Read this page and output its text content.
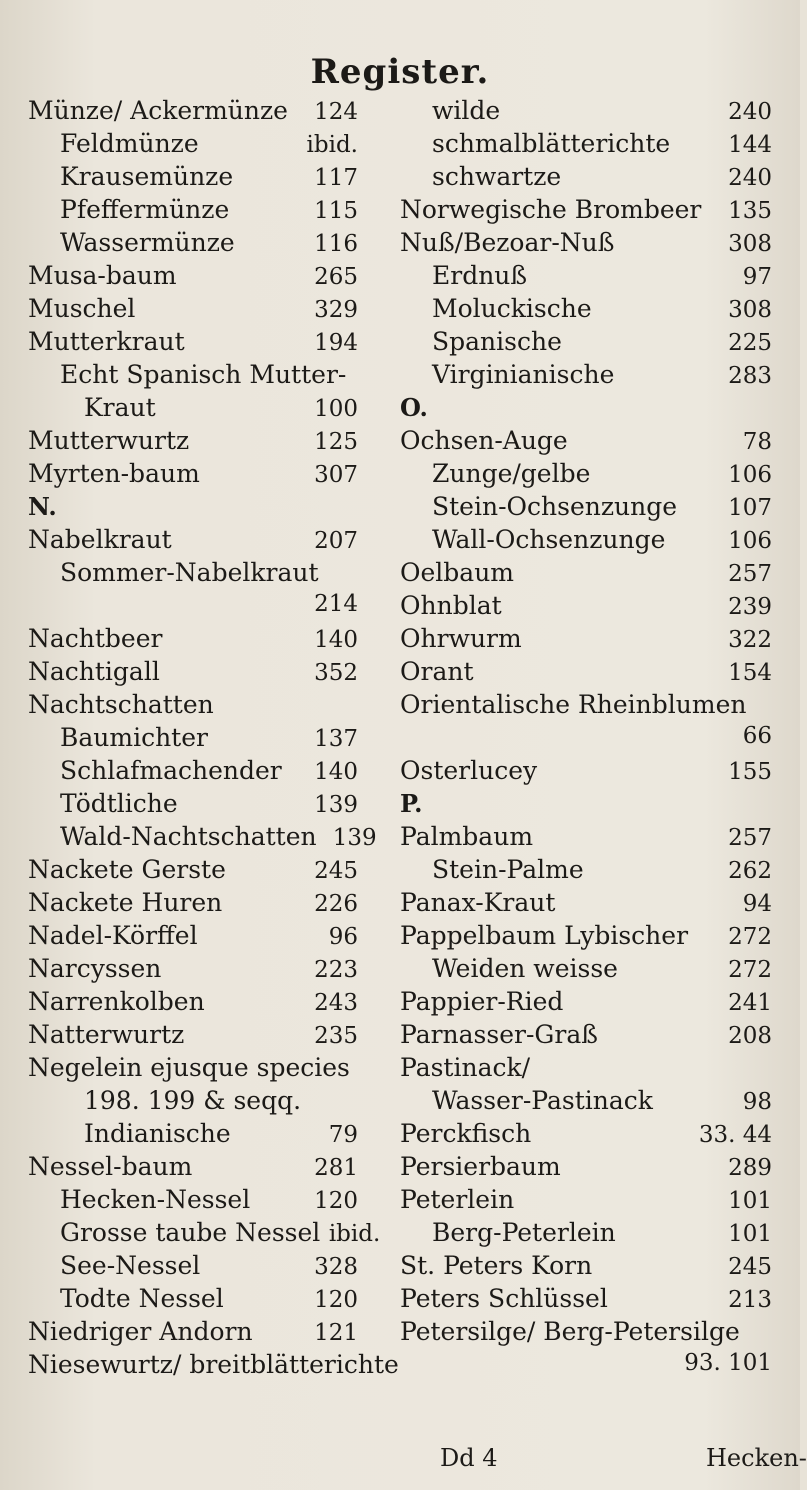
Register.
Münze/ Ackermünze	124
Feldmünze	ibid.
Krausemünze	117
Pfeffermünze	115
Wassermünze	116
Musa-baum	265
Muschel	329
Mutterkraut	194
Echt Spanisch Mutter-
Kraut	100
Mutterwurtz	125
Myrten-baum	307
N.
Nabelkraut	207
Sommer-Nabelkraut
214
Nachtbeer	140
Nachtigall	352
Nachtschatten
Baumichter	137
Schlafmachender	140
Tödtliche	139
Wald-Nachtschatten 139
Nackete Gerste	245
Nackete Huren	226
Nadel-Körffel	96
Narcyssen	223
Narrenkolben	243
Natterwurtz	235
Negelein ejusque species
198. 199 & seqq.
Indianische	79
Nessel-baum	281
Hecken-Nessel	120
Grosse taube Nessel ibid.
See-Nessel	328
Todte Nessel	120
Niedriger Andorn	121
Niesewurtz/ breitblätterichte
wilde	240
schmalblätterichte	144
schwartze	240
Norwegische Brombeer	135
Nuß/Bezoar-Nuß	308
Erdnuß	97
Moluckische	308
Spanische	225
Virginianische	283
O.
Ochsen-Auge	78
Zunge/gelbe	106
Stein-Ochsenzunge	107
Wall-Ochsenzunge	106
Oelbaum	257
Ohnblat	239
Ohrwurm	322
Orant	154
Orientalische Rheinblumen
66
Osterlucey	155
P.
Palmbaum	257
Stein-Palme	262
Panax-Kraut	94
Pappelbaum Lybischer	272
Weiden weisse	272
Pappier-Ried	241
Parnasser-Graß	208
Pastinack/
Wasser-Pastinack	98
Perckfisch	33. 44
Persierbaum	289
Peterlein	101
Berg-Peterlein	101
St. Peters Korn	245
Peters Schlüssel	213
Petersilge/ Berg-Petersilge
93. 101
Dd 4	Hecken-
